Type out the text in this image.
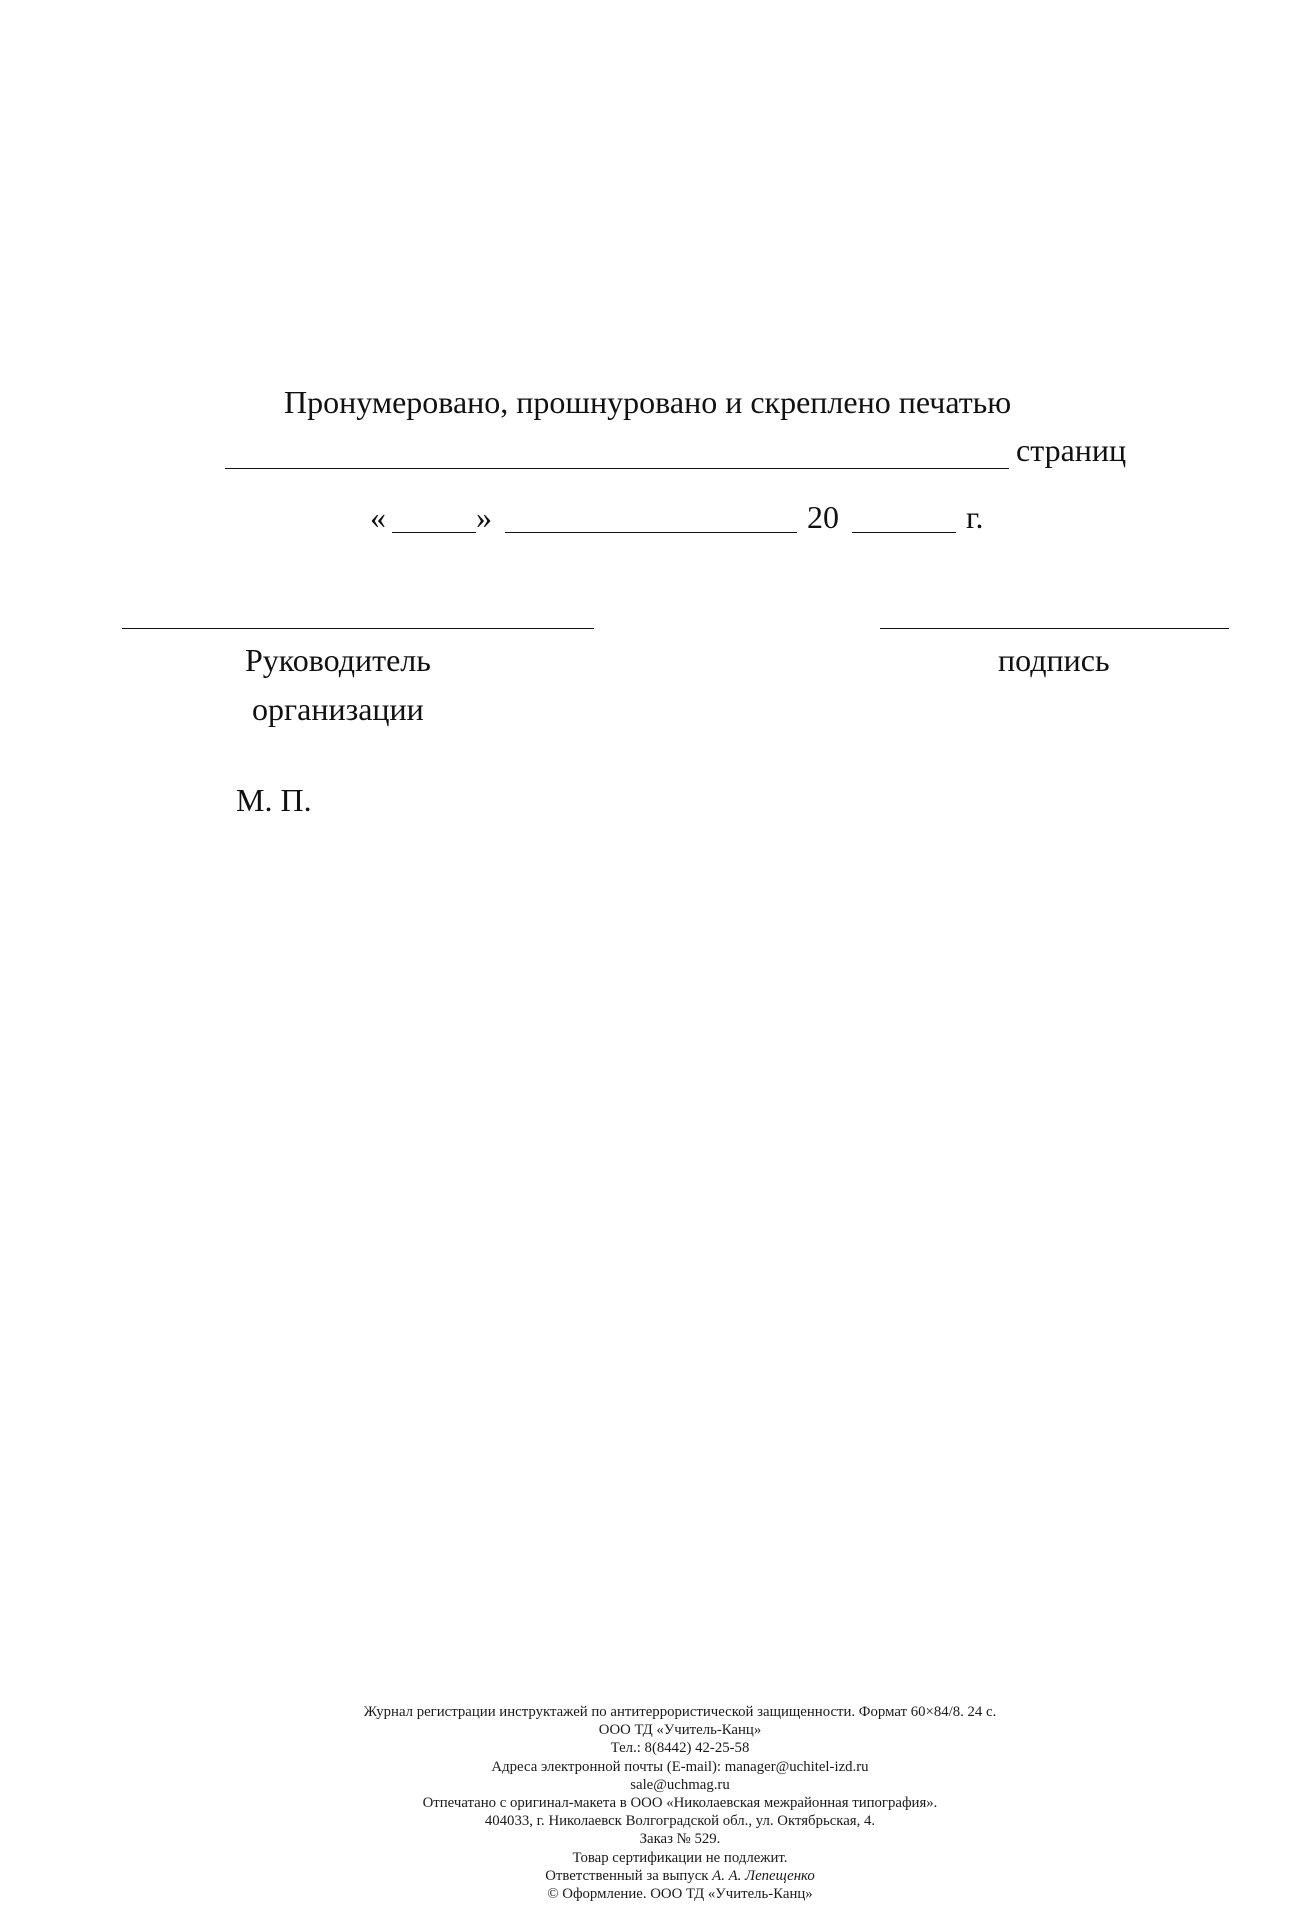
Пронумеровано, прошнуровано и скреплено печатью
страниц
«	»	20	г.
Руководитель
организации
подпись
М. П.
Журнал регистрации инструктажей по антитеррористической защищенности. Формат 60×84/8. 24 с.
ООО ТД «Учитель-Канц»
Тел.: 8(8442) 42-25-58
Адреса электронной почты (E-mail): manager@uchitel-izd.ru
sale@uchmag.ru
Отпечатано с оригинал-макета в ООО «Николаевская межрайонная типография».
404033, г. Николаевск Волгоградской обл., ул. Октябрьская, 4.
Заказ № 529.
Товар сертификации не подлежит.
Ответственный за выпуск А. А. Лепещенко
© Оформление. ООО ТД «Учитель-Канц»
